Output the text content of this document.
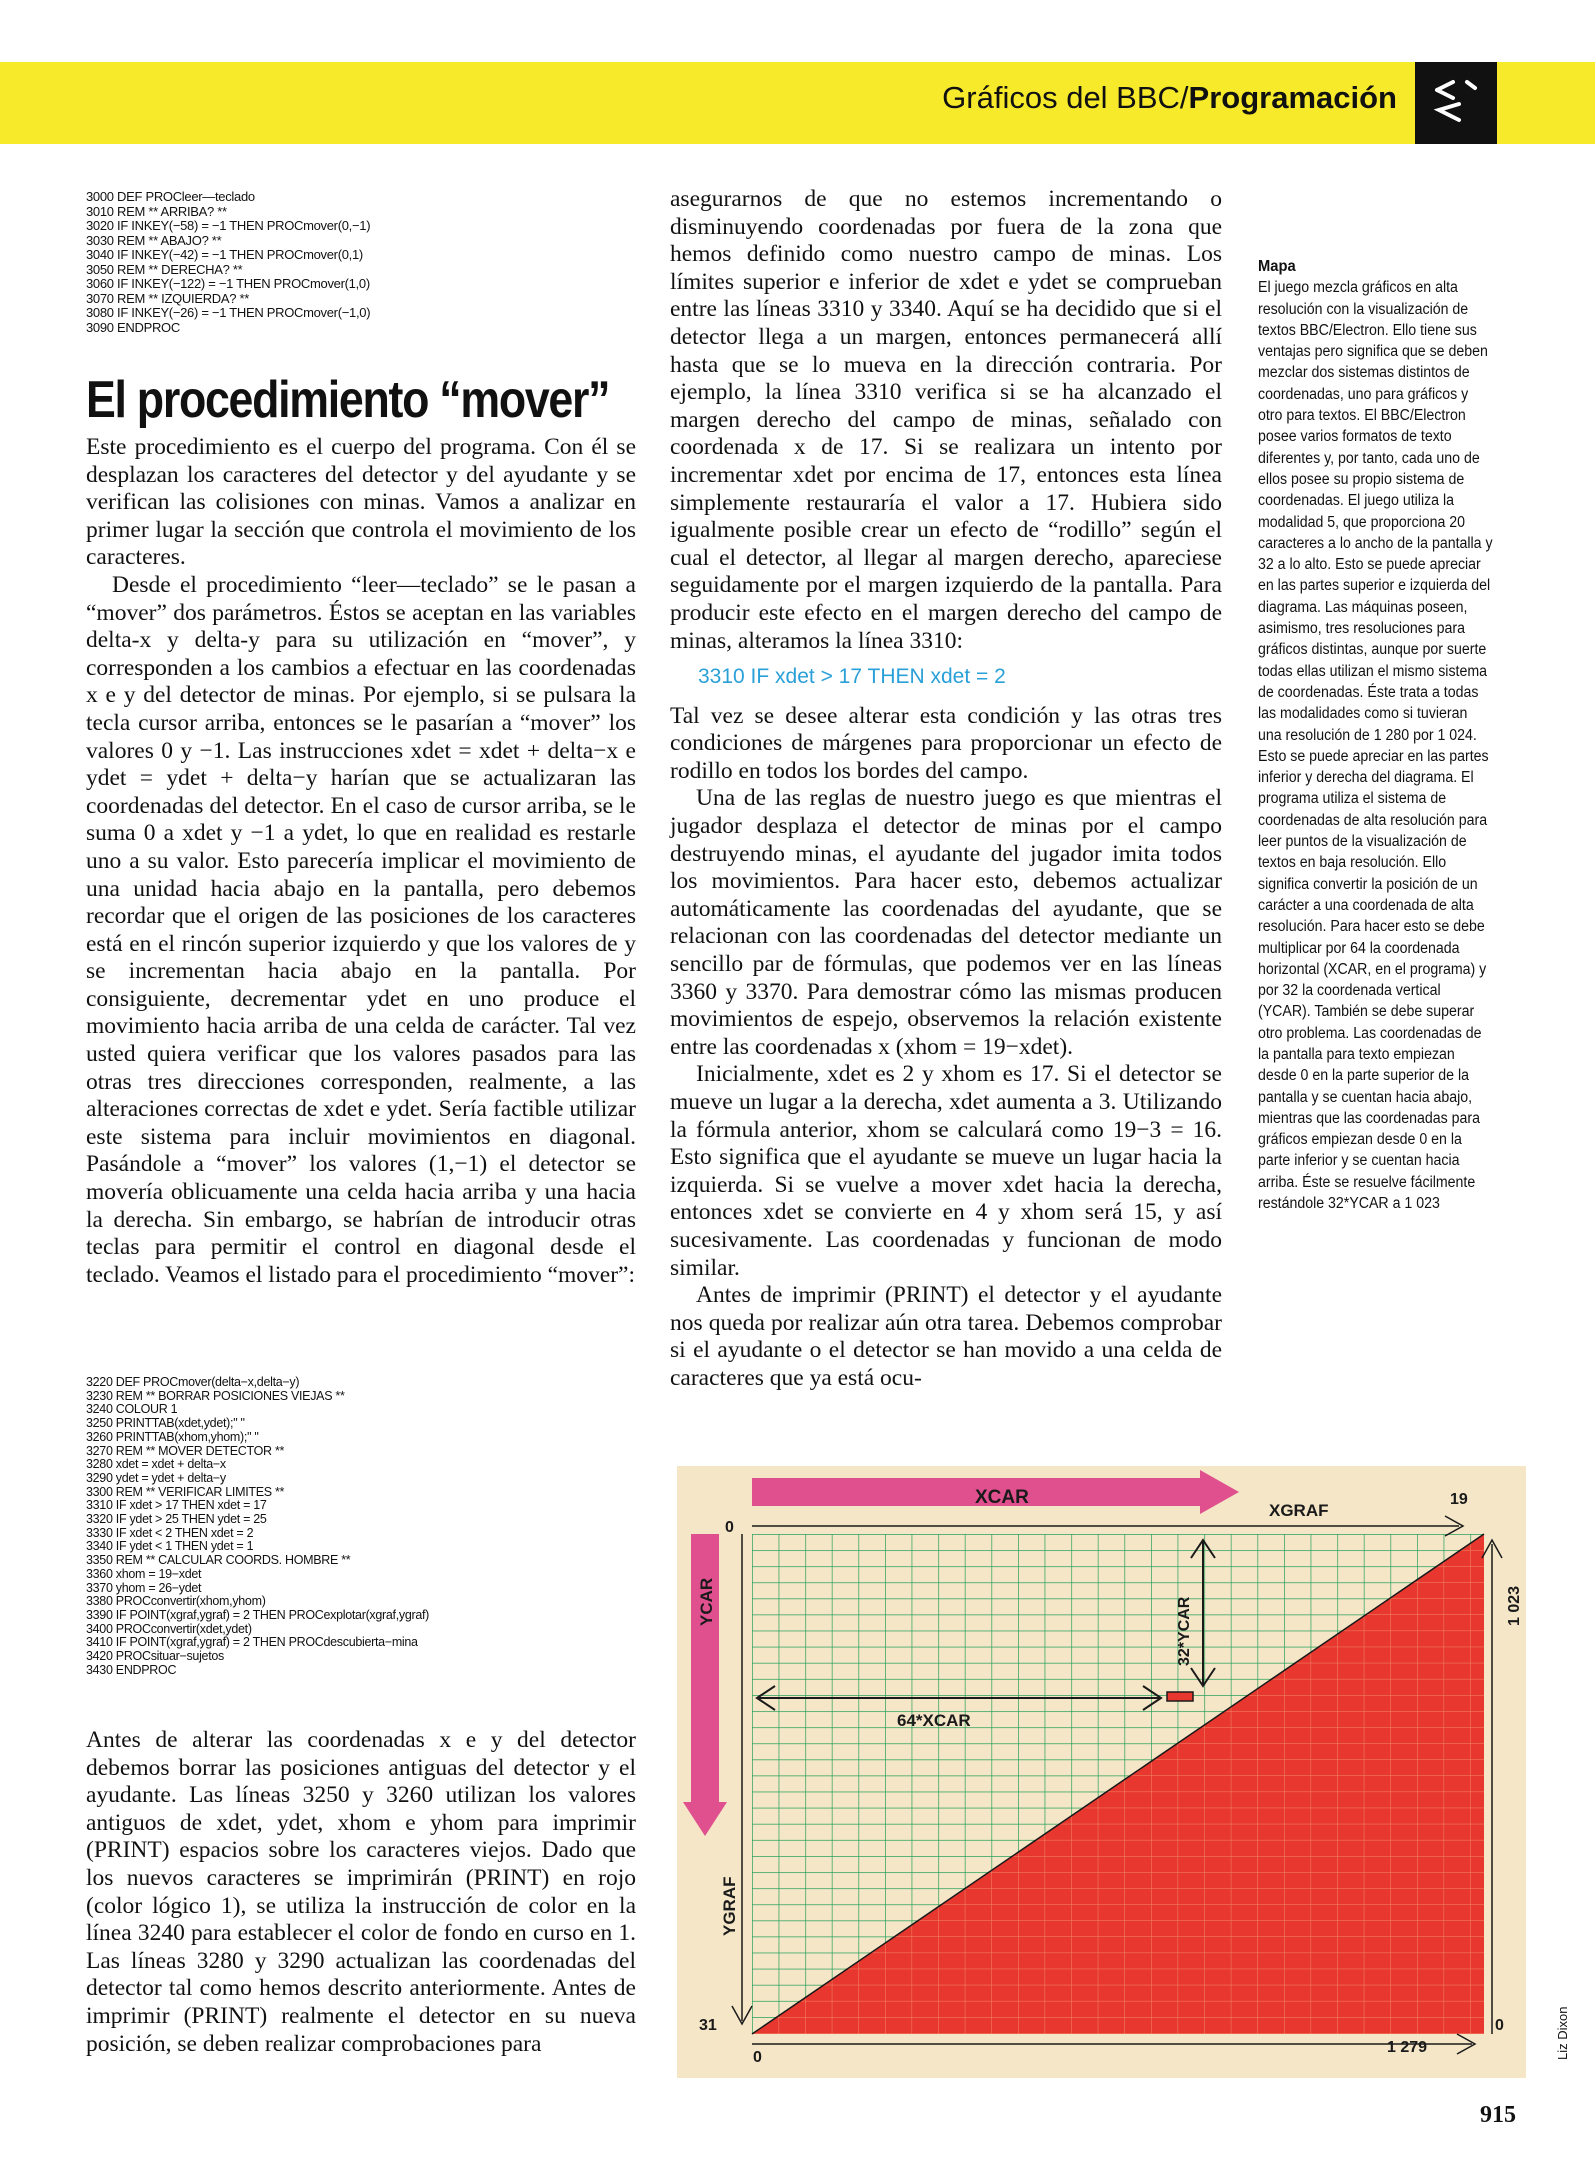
Gráficos del BBC/Programación
3000 DEF PROCleer—teclado
3010 REM ** ARRIBA? **
3020 IF INKEY(−58) = −1 THEN PROCmover(0,−1)
3030 REM ** ABAJO? **
3040 IF INKEY(−42) = −1 THEN PROCmover(0,1)
3050 REM ** DERECHA? **
3060 IF INKEY(−122) = −1 THEN PROCmover(1,0)
3070 REM ** IZQUIERDA? **
3080 IF INKEY(−26) = −1 THEN PROCmover(−1,0)
3090 ENDPROC
El procedimiento “mover”

Este procedimiento es el cuerpo del programa. Con él se desplazan los caracteres del detector y del ayudante y se verifican las colisiones con minas. Vamos a analizar en primer lugar la sección que controla el movimiento de los caracteres.

Desde el procedimiento “leer—teclado” se le pasan a “mover” dos parámetros. Éstos se aceptan en las variables delta-x y delta-y para su utilización en “mover”, y corresponden a los cambios a efectuar en las coordenadas x e y del detector de minas. Por ejemplo, si se pulsara la tecla cursor arriba, entonces se le pasarían a “mover” los valores 0 y −1. Las instrucciones xdet = xdet + delta−x e ydet = ydet + delta−y harían que se actualizaran las coordenadas del detector. En el caso de cursor arriba, se le suma 0 a xdet y −1 a ydet, lo que en realidad es restarle uno a su valor. Esto parecería implicar el movimiento de una unidad hacia abajo en la pantalla, pero debemos recordar que el origen de las posiciones de los caracteres está en el rincón superior izquierdo y que los valores de y se incrementan hacia abajo en la pantalla. Por consiguiente, decrementar ydet en uno produce el movimiento hacia arriba de una celda de carácter. Tal vez usted quiera verificar que los valores pasados para las otras tres direcciones corresponden, realmente, a las alteraciones correctas de xdet e ydet. Sería factible utilizar este sistema para incluir movimientos en diagonal. Pasándole a “mover” los valores (1,−1) el detector se movería oblicuamente una celda hacia arriba y una hacia la derecha. Sin embargo, se habrían de introducir otras teclas para permitir el control en diagonal desde el teclado. Veamos el listado para el procedimiento “mover”:

3220 DEF PROCmover(delta−x,delta−y)
3230 REM ** BORRAR POSICIONES VIEJAS **
3240 COLOUR 1
3250 PRINTTAB(xdet,ydet);" "
3260 PRINTTAB(xhom,yhom);" "
3270 REM ** MOVER DETECTOR **
3280 xdet = xdet + delta−x
3290 ydet = ydet + delta−y
3300 REM ** VERIFICAR LIMITES **
3310 IF xdet > 17 THEN xdet = 17
3320 IF ydet > 25 THEN ydet = 25
3330 IF xdet < 2 THEN xdet = 2
3340 IF ydet < 1 THEN ydet = 1
3350 REM ** CALCULAR COORDS. HOMBRE **
3360 xhom = 19−xdet
3370 yhom = 26−ydet
3380 PROCconvertir(xhom,yhom)
3390 IF POINT(xgraf,ygraf) = 2 THEN PROCexplotar(xgraf,ygraf)
3400 PROCconvertir(xdet,ydet)
3410 IF POINT(xgraf,ygraf) = 2 THEN PROCdescubierta−mina
3420 PROCsituar−sujetos
3430 ENDPROC

Antes de alterar las coordenadas x e y del detector debemos borrar las posiciones antiguas del detector y el ayudante. Las líneas 3250 y 3260 utilizan los valores antiguos de xdet, ydet, xhom e yhom para imprimir (PRINT) espacios sobre los caracteres viejos. Dado que los nuevos caracteres se imprimirán (PRINT) en rojo (color lógico 1), se utiliza la instrucción de color en la línea 3240 para establecer el color de fondo en curso en 1. Las líneas 3280 y 3290 actualizan las coordenadas del detector tal como hemos descrito anteriormente. Antes de imprimir (PRINT) realmente el detector en su nueva posición, se deben realizar comprobaciones para

asegurarnos de que no estemos incrementando o disminuyendo coordenadas por fuera de la zona que hemos definido como nuestro campo de minas. Los límites superior e inferior de xdet e ydet se comprueban entre las líneas 3310 y 3340. Aquí se ha decidido que si el detector llega a un margen, entonces permanecerá allí hasta que se lo mueva en la dirección contraria. Por ejemplo, la línea 3310 verifica si se ha alcanzado el margen derecho del campo de minas, señalado con coordenada x de 17. Si se realizara un intento por incrementar xdet por encima de 17, entonces esta línea simplemente restauraría el valor a 17. Hubiera sido igualmente posible crear un efecto de “rodillo” según el cual el detector, al llegar al margen derecho, apareciese seguidamente por el margen izquierdo de la pantalla. Para producir este efecto en el margen derecho del campo de minas, alteramos la línea 3310:

3310 IF xdet > 17 THEN xdet = 2

Tal vez se desee alterar esta condición y las otras tres condiciones de márgenes para proporcionar un efecto de rodillo en todos los bordes del campo.

Una de las reglas de nuestro juego es que mientras el jugador desplaza el detector de minas por el campo destruyendo minas, el ayudante del jugador imita todos los movimientos. Para hacer esto, debemos actualizar automáticamente las coordenadas del ayudante, que se relacionan con las coordenadas del detector mediante un sencillo par de fórmulas, que podemos ver en las líneas 3360 y 3370. Para demostrar cómo las mismas producen movimientos de espejo, observemos la relación existente entre las coordenadas x (xhom = 19−xdet).

Inicialmente, xdet es 2 y xhom es 17. Si el detector se mueve un lugar a la derecha, xdet aumenta a 3. Utilizando la fórmula anterior, xhom se calculará como 19−3 = 16. Esto significa que el ayudante se mueve un lugar hacia la izquierda. Si se vuelve a mover xdet hacia la derecha, entonces xdet se convierte en 4 y xhom será 15, y así sucesivamente. Las coordenadas y funcionan de modo similar.

Antes de imprimir (PRINT) el detector y el ayudante nos queda por realizar aún otra tarea. Debemos comprobar si el ayudante o el detector se han movido a una celda de caracteres que ya está ocu-

Mapa
El juego mezcla gráficos en alta resolución con la visualización de textos BBC/Electron. Ello tiene sus ventajas pero significa que se deben mezclar dos sistemas distintos de coordenadas, uno para gráficos y otro para textos. El BBC/Electron posee varios formatos de texto diferentes y, por tanto, cada uno de ellos posee su propio sistema de coordenadas. El juego utiliza la modalidad 5, que proporciona 20 caracteres a lo ancho de la pantalla y 32 a lo alto. Esto se puede apreciar en las partes superior e izquierda del diagrama. Las máquinas poseen, asimismo, tres resoluciones para gráficos distintas, aunque por suerte todas ellas utilizan el mismo sistema de coordenadas. Éste trata a todas las modalidades como si tuvieran una resolución de 1 280 por 1 024. Esto se puede apreciar en las partes inferior y derecha del diagrama. El programa utiliza el sistema de coordenadas de alta resolución para leer puntos de la visualización de textos en baja resolución. Ello significa convertir la posición de un carácter a una coordenada de alta resolución. Para hacer esto se debe multiplicar por 64 la coordenada horizontal (XCAR, en el programa) y por 32 la coordenada vertical (YCAR). También se debe superar otro problema. Las coordenadas de la pantalla para texto empiezan desde 0 en la parte superior de la pantalla y se cuentan hacia abajo, mientras que las coordenadas para gráficos empiezan desde 0 en la parte inferior y se cuentan hacia arriba. Éste se resuelve fácilmente restándole 32*YCAR a 1 023
XCAR
XGRAF
0
19
YCAR
YGRAF
64*XCAR
32*YCAR	1 023
31	0
0
1 279	Liz Dixon
915
